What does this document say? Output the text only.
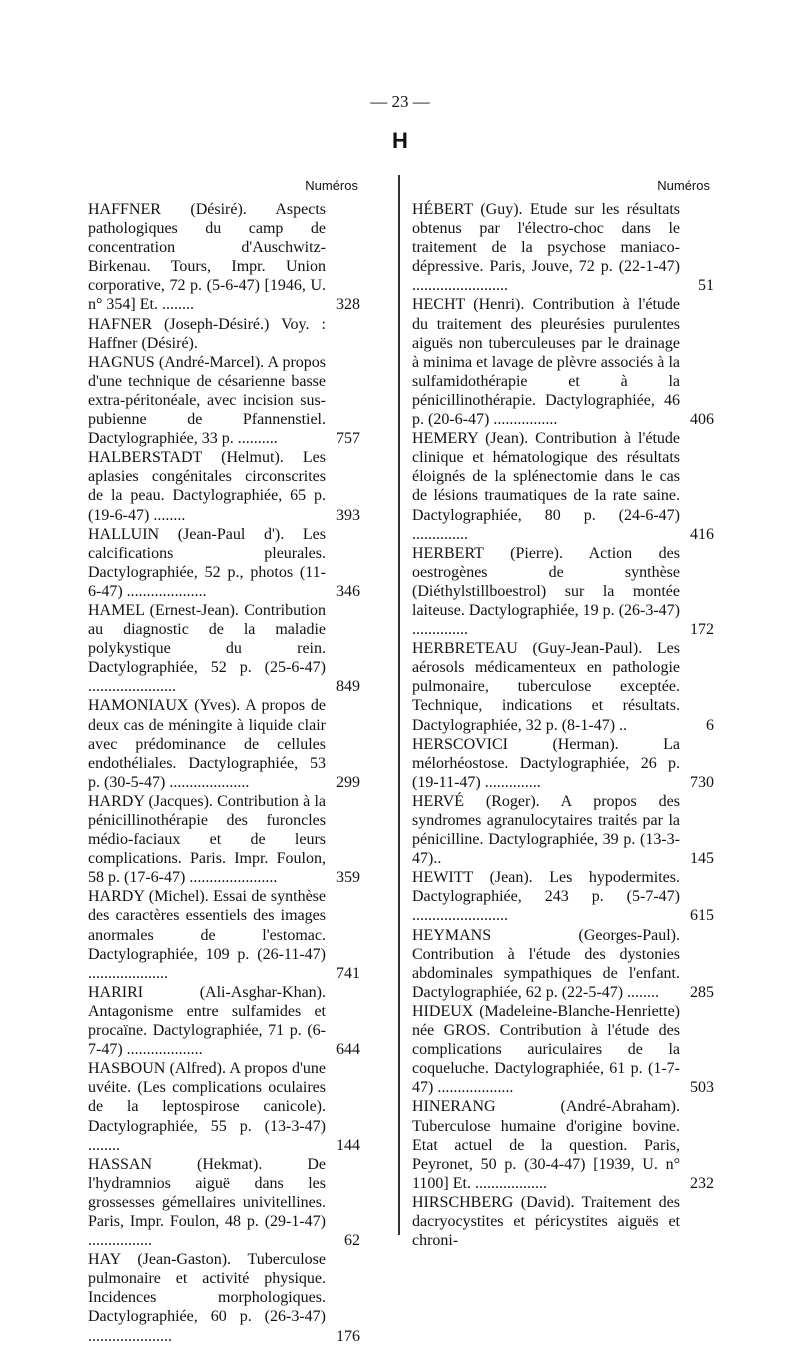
— 23 —
H
Numéros	Numéros
HAFFNER (Désiré). Aspects pathologiques du camp de concentration d'Auschwitz-Birkenau. Tours, Impr. Union corporative, 72 p. (5-6-47) [1946, U. n° 354] Et. ........	328
HAFNER (Joseph-Désiré.) Voy. : Haffner (Désiré).
HAGNUS (André-Marcel). A propos d'une technique de césarienne basse extra-péritonéale, avec incision sus-pubienne de Pfannenstiel. Dactylographiée, 33 p. ..........	757
HALBERSTADT (Helmut). Les aplasies congénitales circonscrites de la peau. Dactylographiée, 65 p. (19-6-47) ........	393
HALLUIN (Jean-Paul d'). Les calcifications pleurales. Dactylographiée, 52 p., photos (11-6-47) ....................	346
HAMEL (Ernest-Jean). Contribution au diagnostic de la maladie polykystique du rein. Dactylographiée, 52 p. (25-6-47) ......................	849
HAMONIAUX (Yves). A propos de deux cas de méningite à liquide clair avec prédominance de cellules endothéliales. Dactylographiée, 53 p. (30-5-47) ....................	299
HARDY (Jacques). Contribution à la pénicillinothérapie des furoncles médio-faciaux et de leurs complications. Paris. Impr. Foulon, 58 p. (17-6-47) ......................	359
HARDY (Michel). Essai de synthèse des caractères essentiels des images anormales de l'estomac. Dactylographiée, 109 p. (26-11-47) ....................	741
HARIRI (Ali-Asghar-Khan). Antagonisme entre sulfamides et procaïne. Dactylographiée, 71 p. (6-7-47) ...................	644
HASBOUN (Alfred). A propos d'une uvéite. (Les complications oculaires de la leptospirose canicole). Dactylographiée, 55 p. (13-3-47) ........	144
HASSAN (Hekmat). De l'hydramnios aiguë dans les grossesses gémellaires univitellines. Paris, Impr. Foulon, 48 p. (29-1-47) ................	62
HAY (Jean-Gaston). Tuberculose pulmonaire et activité physique. Incidences morphologiques. Dactylographiée, 60 p. (26-3-47) .....................	176
HÉBERT (Guy). Etude sur les résultats obtenus par l'électro-choc dans le traitement de la psychose maniaco-dépressive. Paris, Jouve, 72 p. (22-1-47) ........................	51
HECHT (Henri). Contribution à l'étude du traitement des pleurésies purulentes aiguës non tuberculeuses par le drainage à minima et lavage de plèvre associés à la sulfamidothérapie et à la pénicillinothérapie. Dactylographiée, 46 p. (20-6-47) ................	406
HEMERY (Jean). Contribution à l'étude clinique et hématologique des résultats éloignés de la splénectomie dans le cas de lésions traumatiques de la rate saine. Dactylographiée, 80 p. (24-6-47) ..............	416
HERBERT (Pierre). Action des oestrogènes de synthèse (Diéthylstillboestrol) sur la montée laiteuse. Dactylographiée, 19 p. (26-3-47) ..............	172
HERBRETEAU (Guy-Jean-Paul). Les aérosols médicamenteux en pathologie pulmonaire, tuberculose exceptée. Technique, indications et résultats. Dactylographiée, 32 p. (8-1-47) ..	6
HERSCOVICI (Herman). La mélorhéostose. Dactylographiée, 26 p. (19-11-47) ..............	730
HERVÉ (Roger). A propos des syndromes agranulocytaires traités par la pénicilline. Dactylographiée, 39 p. (13-3-47)..	145
HEWITT (Jean). Les hypodermites. Dactylographiée, 243 p. (5-7-47) ........................	615
HEYMANS (Georges-Paul). Contribution à l'étude des dystonies abdominales sympathiques de l'enfant. Dactylographiée, 62 p. (22-5-47) ........	285
HIDEUX (Madeleine-Blanche-Henriette) née GROS. Contribution à l'étude des complications auriculaires de la coqueluche. Dactylographiée, 61 p. (1-7-47) ...................	503
HINERANG (André-Abraham). Tuberculose humaine d'origine bovine. Etat actuel de la question. Paris, Peyronet, 50 p. (30-4-47) [1939, U. n° 1100] Et. ..................	232
HIRSCHBERG (David). Traitement des dacryocystites et péricystites aiguës et chroni-
